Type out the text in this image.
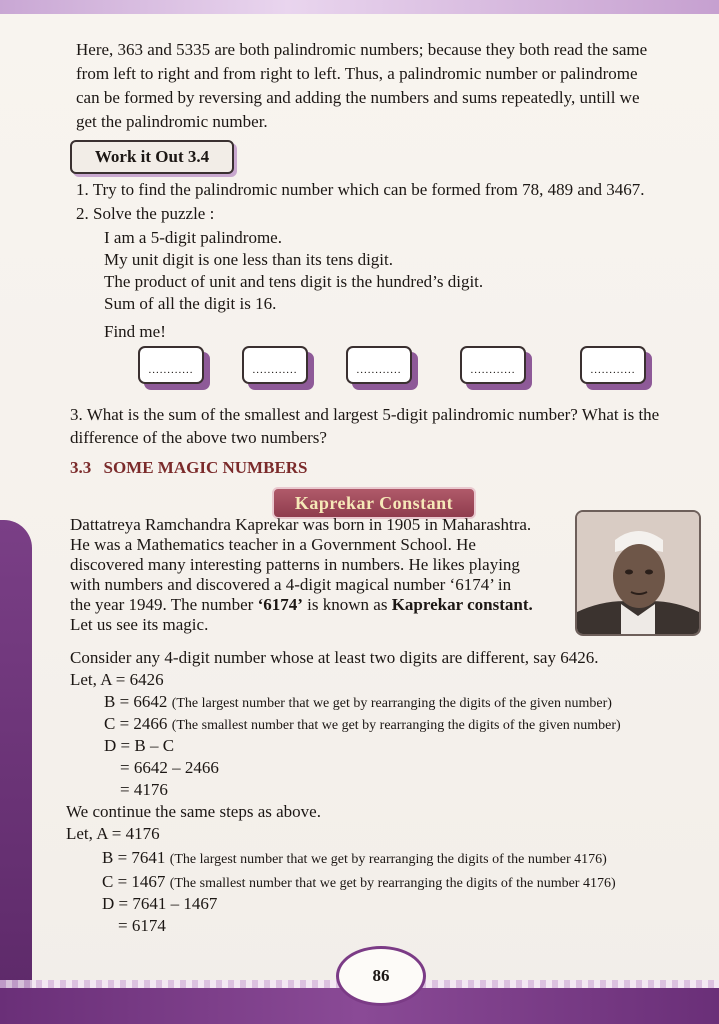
Here, 363 and 5335 are both palindromic numbers; because they both read the same
from left to right and from right to left. Thus, a palindromic number or palindrome
can be formed by reversing and adding the numbers and sums repeatedly, untill we
get the palindromic number.
Work it Out 3.4
1. Try to find the palindromic number which can be formed from 78, 489 and 3467.
2. Solve the puzzle :
I am a 5-digit palindrome.
My unit digit is one less than its tens digit.
The product of unit and tens digit is the hundred’s digit.
Sum of all the digit is 16.
Find me!
............	............	............	............	............
3. What is the sum of the smallest and largest 5-digit palindromic number? What is the
difference of the above two numbers?
3.3 SOME MAGIC NUMBERS
Kaprekar Constant
Dattatreya Ramchandra Kaprekar was born in 1905 in Maharashtra.
He was a Mathematics teacher in a Government School. He
discovered many interesting patterns in numbers. He likes playing
with numbers and discovered a 4-digit magical number ‘6174’ in
the year 1949. The number ‘6174’ is known as Kaprekar constant.
Let us see its magic.
Consider any 4-digit number whose at least two digits are different, say 6426.
Let, A = 6426
B = 6642 (The largest number that we get by rearranging the digits of the given number)
C = 2466 (The smallest number that we get by rearranging the digits of the given number)
D = B – C
= 6642 – 2466
= 4176
We continue the same steps as above.
Let, A = 4176
B = 7641 (The largest number that we get by rearranging the digits of the number 4176)
C = 1467 (The smallest number that we get by rearranging the digits of the number 4176)
D = 7641 – 1467
= 6174
86
